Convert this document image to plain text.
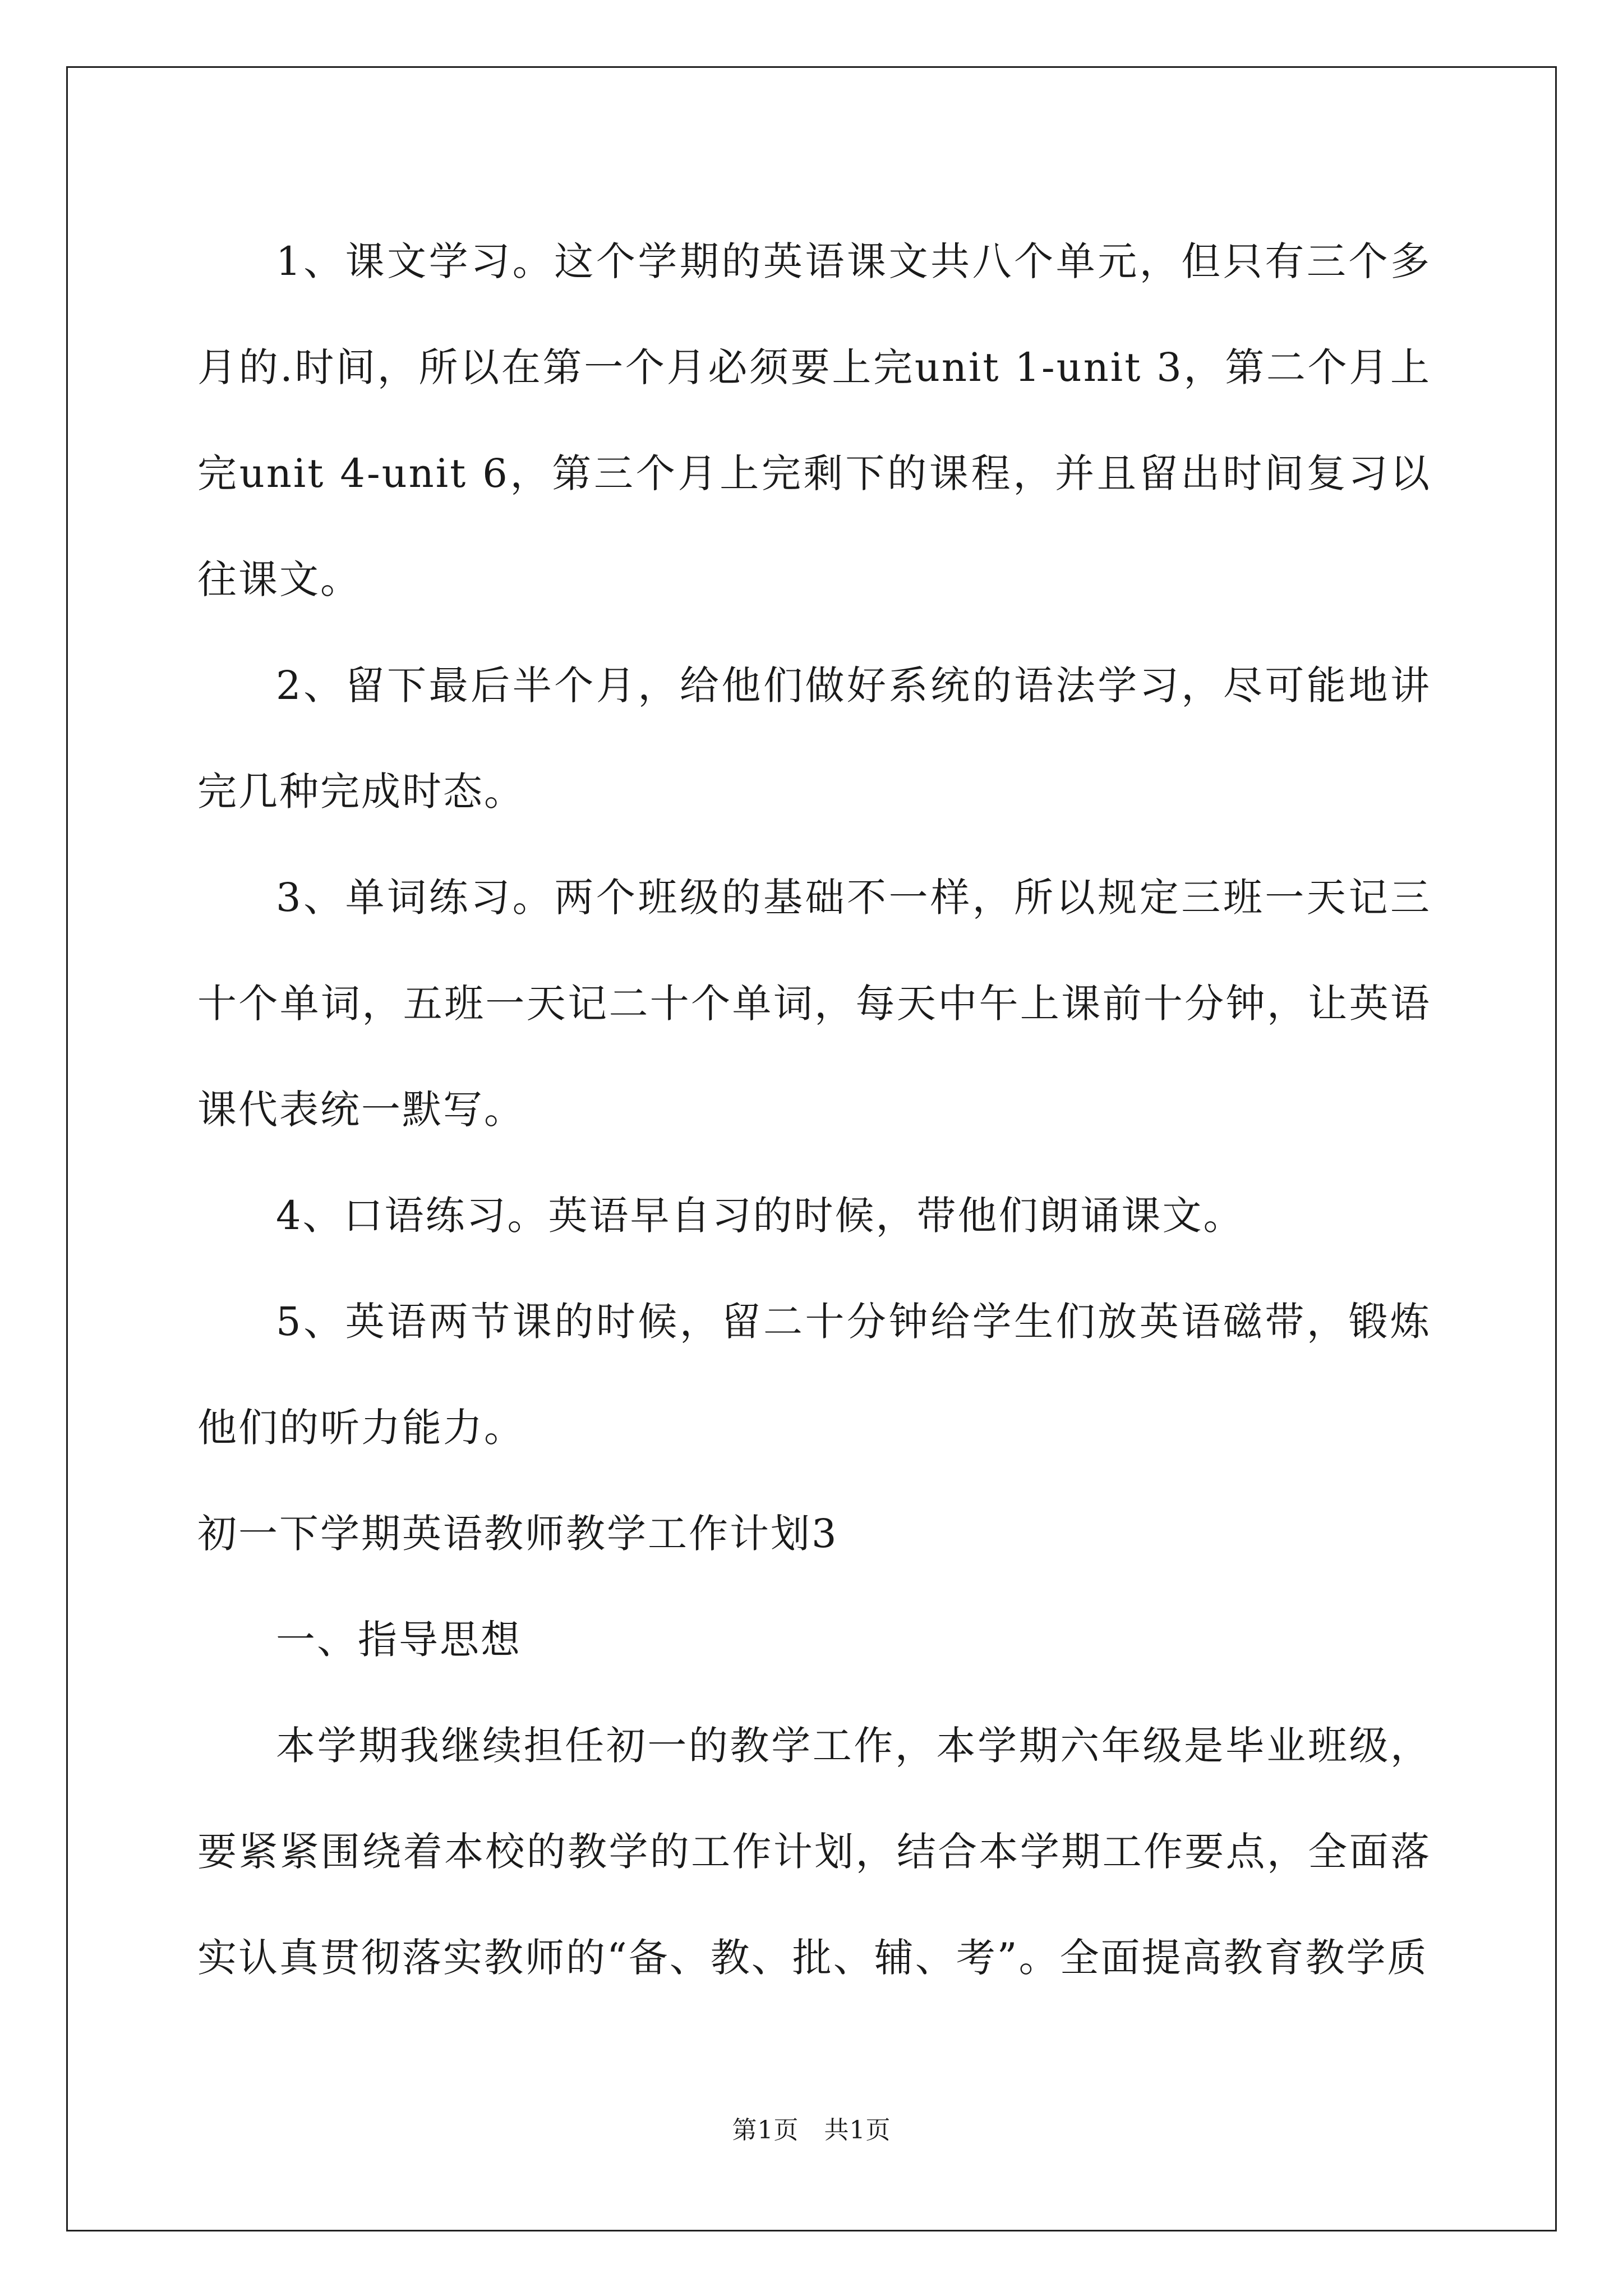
1、课文学习。这个学期的英语课文共八个单元，但只有三个多月的.时间，所以在第一个月必须要上完unit 1-unit 3，第二个月上完unit 4-unit 6，第三个月上完剩下的课程，并且留出时间复习以往课文。

2、留下最后半个月，给他们做好系统的语法学习，尽可能地讲完几种完成时态。

3、单词练习。两个班级的基础不一样，所以规定三班一天记三十个单词，五班一天记二十个单词，每天中午上课前十分钟，让英语课代表统一默写。

4、口语练习。英语早自习的时候，带他们朗诵课文。

5、英语两节课的时候，留二十分钟给学生们放英语磁带，锻炼他们的听力能力。

初一下学期英语教师教学工作计划3

一、指导思想

本学期我继续担任初一的教学工作，本学期六年级是毕业班级，要紧紧围绕着本校的教学的工作计划，结合本学期工作要点，全面落实认真贯彻落实教师的“备、教、批、辅、考”。全面提高教育教学质

第1页　共1页
